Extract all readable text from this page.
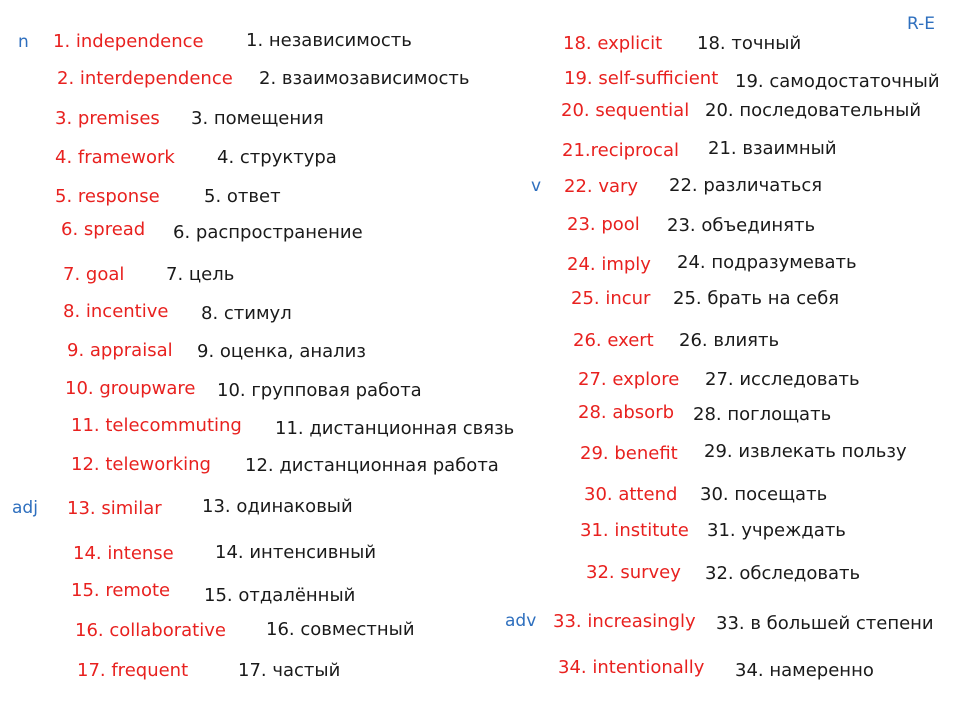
R-E
n
adj
v
adv
1. independence
2. interdependence
3. premises
4. framework
5. response
6. spread
7. goal
8. incentive
9. appraisal
10. groupware
11. telecommuting
12. teleworking
13. similar
14. intense
15. remote
16. collaborative
17. frequent
1. независимость
2. взаимозависимость
3. помещения
4. структура
5. ответ
6. распространение
7. цель
8. стимул
9. оценка, анализ
10. групповая работа
11. дистанционная связь
12. дистанционная работа
13. одинаковый
14. интенсивный
15. отдалённый
16. совместный
17. частый
18. explicit
19. self-sufficient
20. sequential
21.reciprocal
22. vary
23. pool
24. imply
25. incur
26. exert
27. explore
28. absorb
29. benefit
30. attend
31. institute
32. survey
33. increasingly
34. intentionally
18. точный
19. самодостаточный
20. последовательный
21. взаимный
22. различаться
23. объединять
24. подразумевать
25. брать на себя
26. влиять
27. исследовать
28. поглощать
29. извлекать пользу
30. посещать
31. учреждать
32. обследовать
33. в большей степени
34. намеренно
